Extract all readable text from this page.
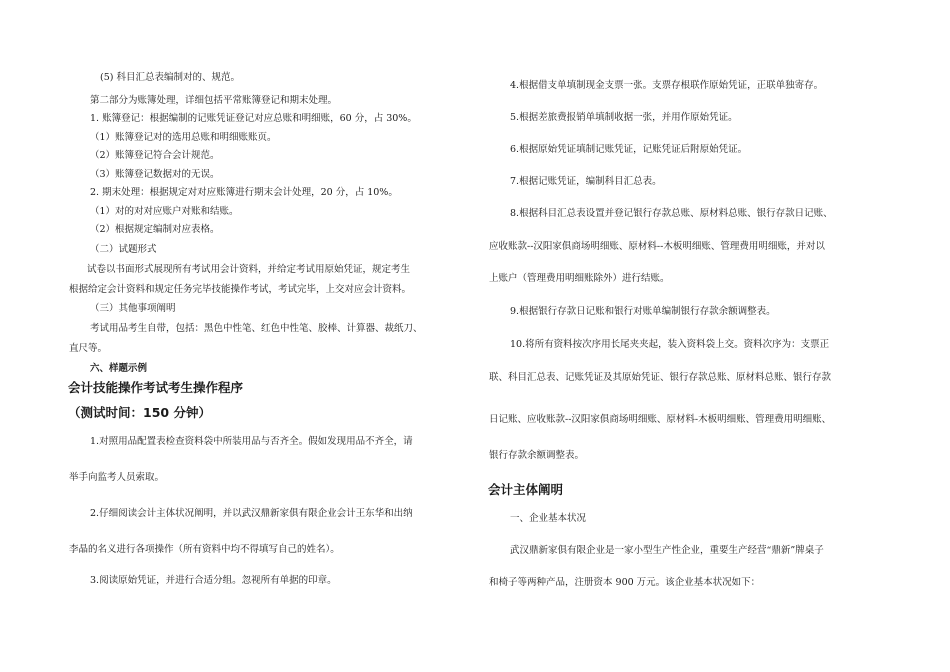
(5) 科目汇总表编制对的、规范。
第二部分为账簿处理，详细包括平常账簿登记和期末处理。
1. 账簿登记：根据编制的记账凭证登记对应总账和明细账，60 分，占 30%。
（1）账簿登记对的选用总账和明细账账页。
（2）账簿登记符合会计规范。
（3）账簿登记数据对的无误。
2. 期末处理：根据规定对对应账簿进行期末会计处理，20 分，占 10%。
（1）对的对对应账户对账和结账。
（2）根据规定编制对应表格。
（二）试题形式
试卷以书面形式展现所有考试用会计资料，并给定考试用原始凭证，规定考生
根据给定会计资料和规定任务完毕技能操作考试，考试完毕，上交对应会计资料。
（三）其他事项阐明
考试用品考生自带，包括：黑色中性笔、红色中性笔、胶棒、计算器、裁纸刀、
直尺等。
六、样题示例
会计技能操作考试考生操作程序
（测试时间：150 分钟）
1.对照用品配置表检查资料袋中所装用品与否齐全。假如发现用品不齐全，请
举手向监考人员索取。
2.仔细阅读会计主体状况阐明，并以武汉鼎新家俱有限企业会计王东华和出纳
李晶的名义进行各项操作（所有资料中均不得填写自己的姓名）。
3.阅读原始凭证，并进行合适分组。忽视所有单据的印章。
4.根据借支单填制现金支票一张。支票存根联作原始凭证，正联单独寄存。
5.根据差旅费报销单填制收据一张，并用作原始凭证。
6.根据原始凭证填制记账凭证，记账凭证后附原始凭证。
7.根据记账凭证，编制科目汇总表。
8.根据科目汇总表设置并登记银行存款总账、原材料总账、银行存款日记账、
应收账款--汉阳家俱商场明细账、原材料--木板明细账、管理费用明细账，并对以
上账户（管理费用明细账除外）进行结账。
9.根据银行存款日记账和银行对账单编制银行存款余额调整表。
10.将所有资料按次序用长尾夹夹起，装入资料袋上交。资料次序为：支票正
联、科目汇总表、记账凭证及其原始凭证、银行存款总账、原材料总账、银行存款
日记账、应收账款--汉阳家俱商场明细账、原材料-木板明细账、管理费用明细账、
银行存款余额调整表。
会计主体阐明
一、企业基本状况
武汉鼎新家俱有限企业是一家小型生产性企业，重要生产经营“鼎新”牌桌子
和椅子等两种产品，注册资本 900 万元。该企业基本状况如下：
